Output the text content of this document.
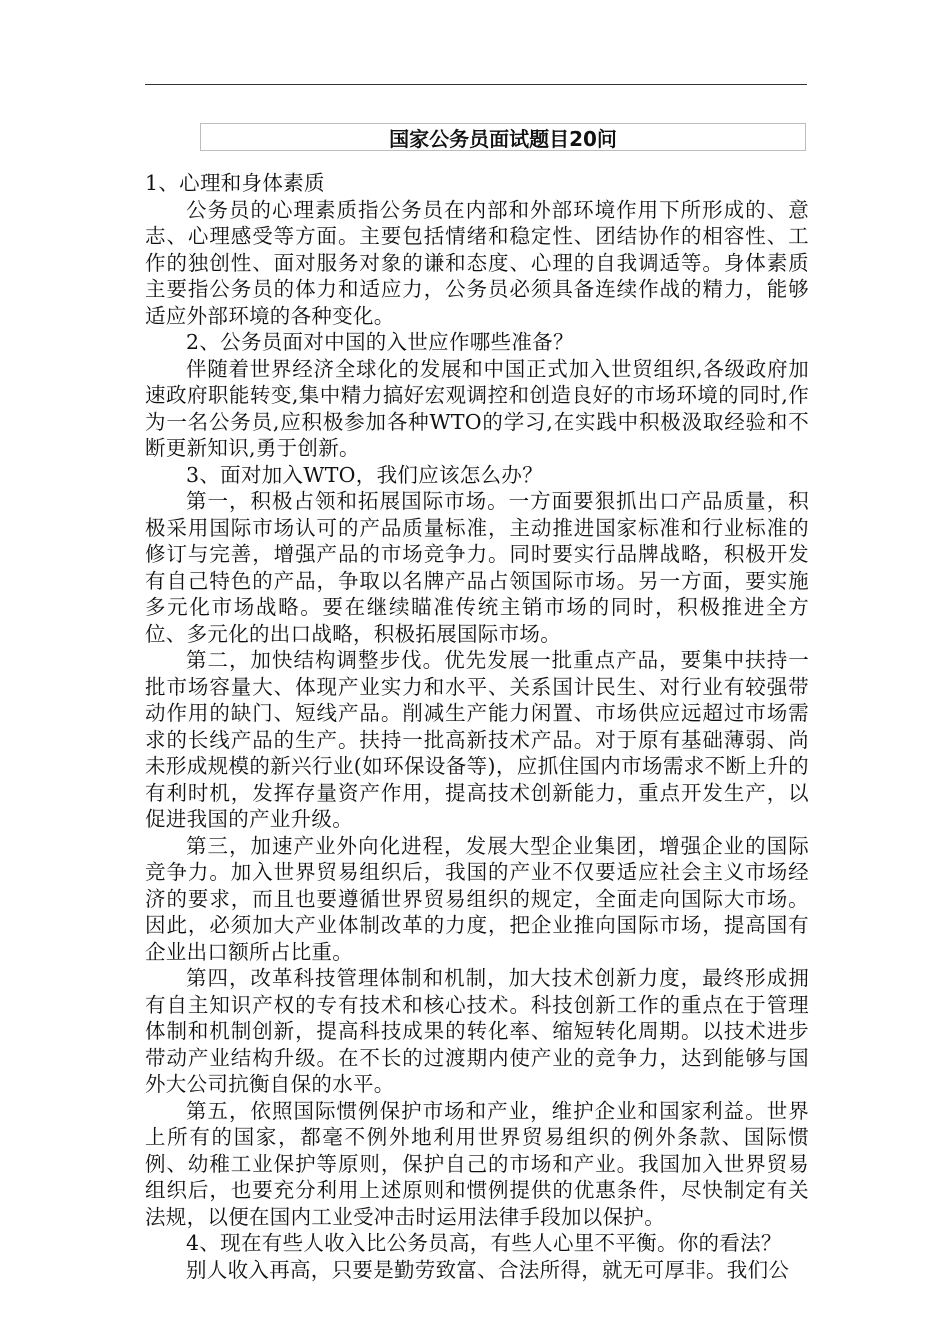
国家公务员面试题目20问

1、心理和身体素质

公务员的心理素质指公务员在内部和外部环境作用下所形成的、意志、心理感受等方面。主要包括情绪和稳定性、团结协作的相容性、工作的独创性、面对服务对象的谦和态度、心理的自我调适等。身体素质主要指公务员的体力和适应力，公务员必须具备连续作战的精力，能够适应外部环境的各种变化。

2、公务员面对中国的入世应作哪些准备？

伴随着世界经济全球化的发展和中国正式加入世贸组织,各级政府加速政府职能转变,集中精力搞好宏观调控和创造良好的市场环境的同时,作为一名公务员,应积极参加各种WTO的学习,在实践中积极汲取经验和不断更新知识,勇于创新。

3、面对加入WTO，我们应该怎么办？

第一，积极占领和拓展国际市场。一方面要狠抓出口产品质量，积极采用国际市场认可的产品质量标准，主动推进国家标准和行业标准的修订与完善，增强产品的市场竞争力。同时要实行品牌战略，积极开发有自己特色的产品，争取以名牌产品占领国际市场。另一方面，要实施多元化市场战略。要在继续瞄准传统主销市场的同时，积极推进全方位、多元化的出口战略，积极拓展国际市场。

第二，加快结构调整步伐。优先发展一批重点产品，要集中扶持一批市场容量大、体现产业实力和水平、关系国计民生、对行业有较强带动作用的缺门、短线产品。削减生产能力闲置、市场供应远超过市场需求的长线产品的生产。扶持一批高新技术产品。对于原有基础薄弱、尚未形成规模的新兴行业(如环保设备等)，应抓住国内市场需求不断上升的有利时机，发挥存量资产作用，提高技术创新能力，重点开发生产，以促进我国的产业升级。

第三，加速产业外向化进程，发展大型企业集团，增强企业的国际竞争力。加入世界贸易组织后，我国的产业不仅要适应社会主义市场经济的要求，而且也要遵循世界贸易组织的规定，全面走向国际大市场。因此，必须加大产业体制改革的力度，把企业推向国际市场，提高国有企业出口额所占比重。

第四，改革科技管理体制和机制，加大技术创新力度，最终形成拥有自主知识产权的专有技术和核心技术。科技创新工作的重点在于管理体制和机制创新，提高科技成果的转化率、缩短转化周期。以技术进步带动产业结构升级。在不长的过渡期内使产业的竞争力，达到能够与国外大公司抗衡自保的水平。

第五，依照国际惯例保护市场和产业，维护企业和国家利益。世界上所有的国家，都毫不例外地利用世界贸易组织的例外条款、国际惯例、幼稚工业保护等原则，保护自己的市场和产业。我国加入世界贸易组织后，也要充分利用上述原则和惯例提供的优惠条件，尽快制定有关法规，以便在国内工业受冲击时运用法律手段加以保护。

4、现在有些人收入比公务员高，有些人心里不平衡。你的看法？

别人收入再高，只要是勤劳致富、合法所得，就无可厚非。我们公
